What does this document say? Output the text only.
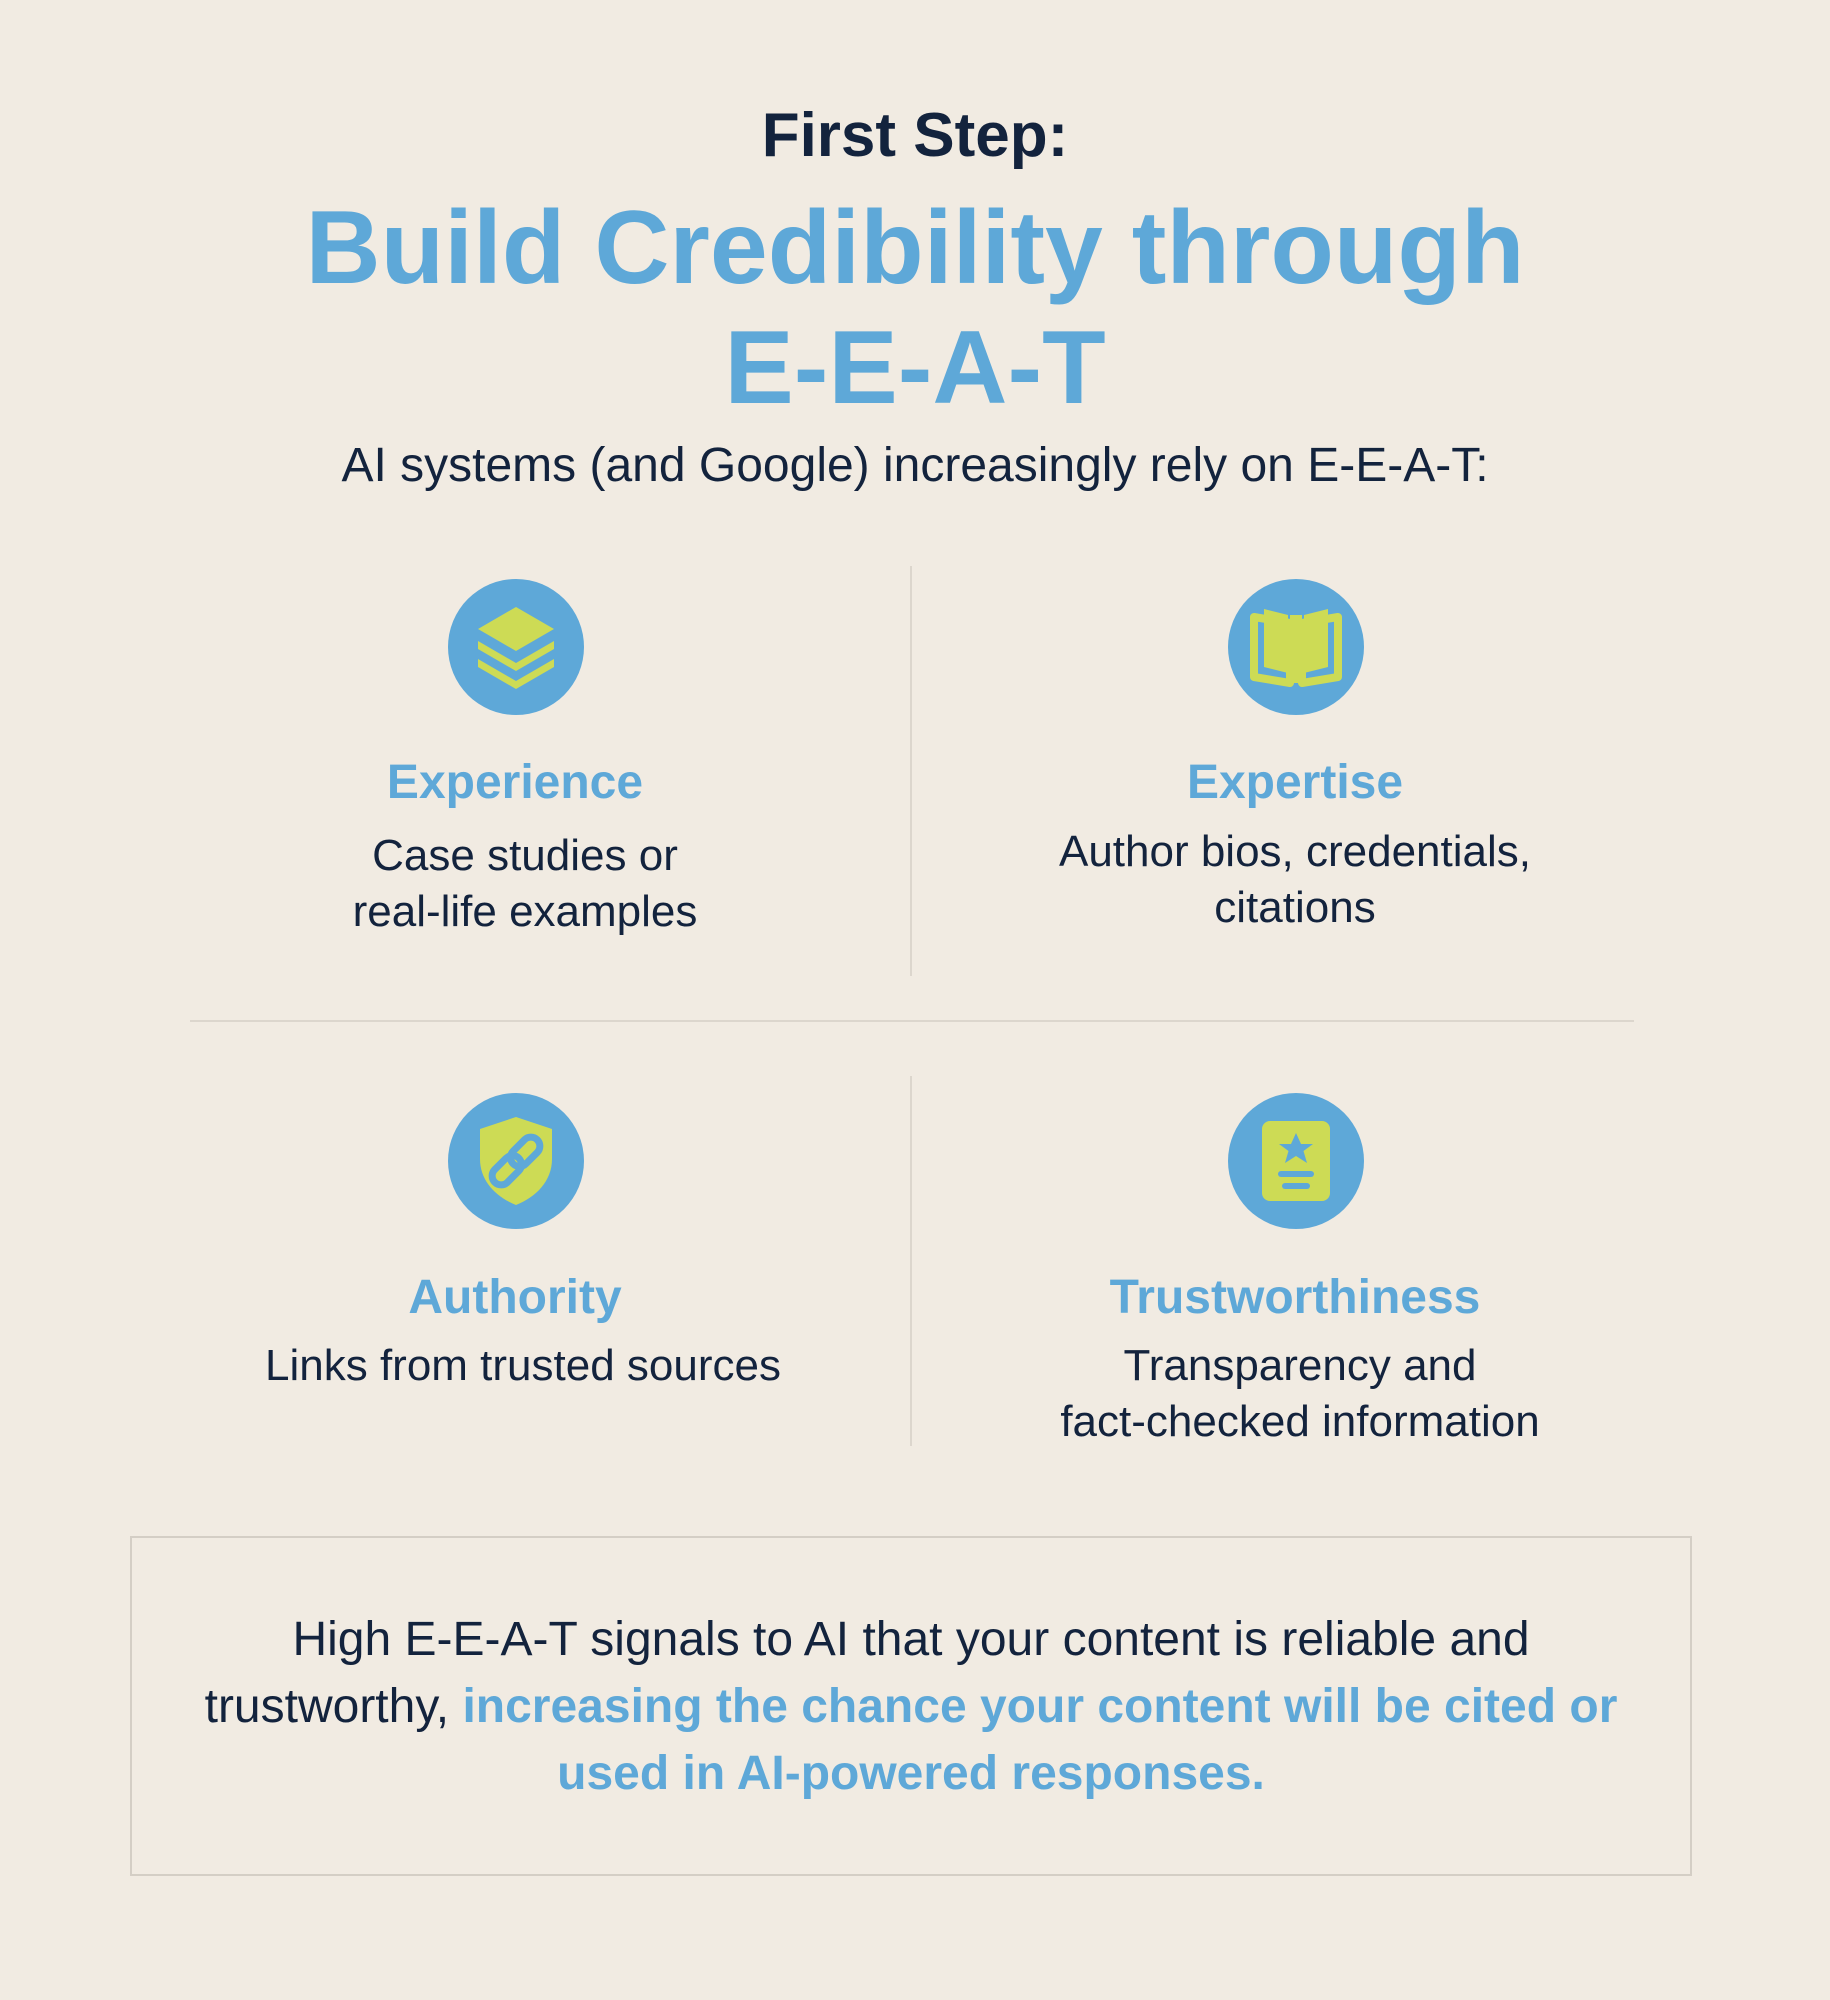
First Step:
Build Credibility through
E-E-A-T
AI systems (and Google) increasingly rely on E-E-A-T:
Experience
Case studies or
real-life examples
Expertise
Author bios, credentials,
citations
Authority
Links from trusted sources
Trustworthiness
Transparency and
fact-checked information
High E-E-A-T signals to AI that your content is reliable and trustworthy, increasing the chance your content will be cited or used in AI-powered responses.
